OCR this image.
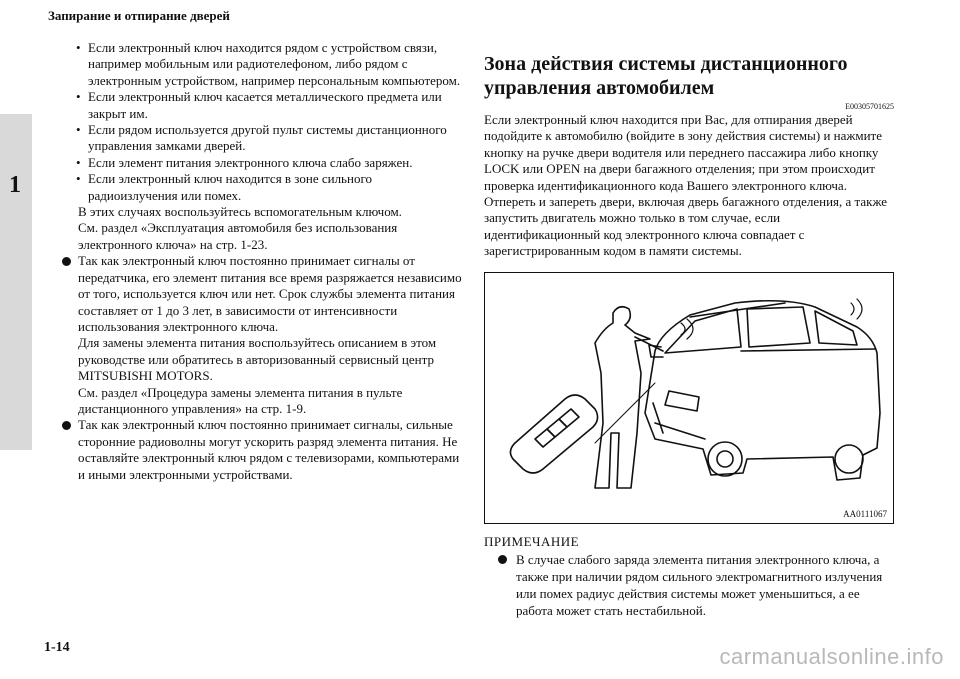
Запирание и отпирание дверей
1

• Если электронный ключ находится рядом с устройством связи, например мобильным или радиотелефоном, либо рядом с электронным устройством, например персональным компьютером.

• Если электронный ключ касается металлического предмета или закрыт им.

• Если рядом используется другой пульт системы дистанционного управления замками дверей.

• Если элемент питания электронного ключа слабо заряжен.

• Если электронный ключ находится в зоне сильного радиоизлучения или помех.

В этих случаях воспользуйтесь вспомогательным ключом.

См. раздел «Эксплуатация автомобиля без использования электронного ключа» на стр. 1-23.

Так как электронный ключ постоянно принимает сигналы от передатчика, его элемент питания все время разряжается независимо от того, используется ключ или нет. Срок службы элемента питания составляет от 1 до 3 лет, в зависимости от интенсивности использования электронного ключа.

Для замены элемента питания воспользуйтесь описанием в этом руководстве или обратитесь в авторизованный сервисный центр MITSUBISHI MOTORS.

См. раздел «Процедура замены элемента питания в пульте дистанционного управления» на стр. 1-9.

Так как электронный ключ постоянно принимает сигналы, сильные сторонние радиоволны могут ускорить разряд элемента питания. Не оставляйте электронный ключ рядом с телевизорами, компьютерами и иными электронными устройствами.

Зона действия системы дистанционного управления автомобилем
E00305701625

Если электронный ключ находится при Вас, для отпирания дверей подойдите к автомобилю (войдите в зону действия системы) и нажмите кнопку на ручке двери водителя или переднего пассажира либо кнопку LOCK или OPEN на двери багажного отделения; при этом происходит проверка идентификационного кода Вашего электронного ключа.

Отпереть и запереть двери, включая дверь багажного отделения, а также запустить двигатель можно только в том случае, если идентификационный код электронного ключа совпадает с зарегистрированным кодом в памяти системы.

AA0111067
ПРИМЕЧАНИЕ

В случае слабого заряда элемента питания электронного ключа, а также при наличии рядом сильного электромагнитного излучения или помех радиус действия системы может уменьшиться, а ее работа может стать нестабильной.

1-14	carmanualsonline.info
